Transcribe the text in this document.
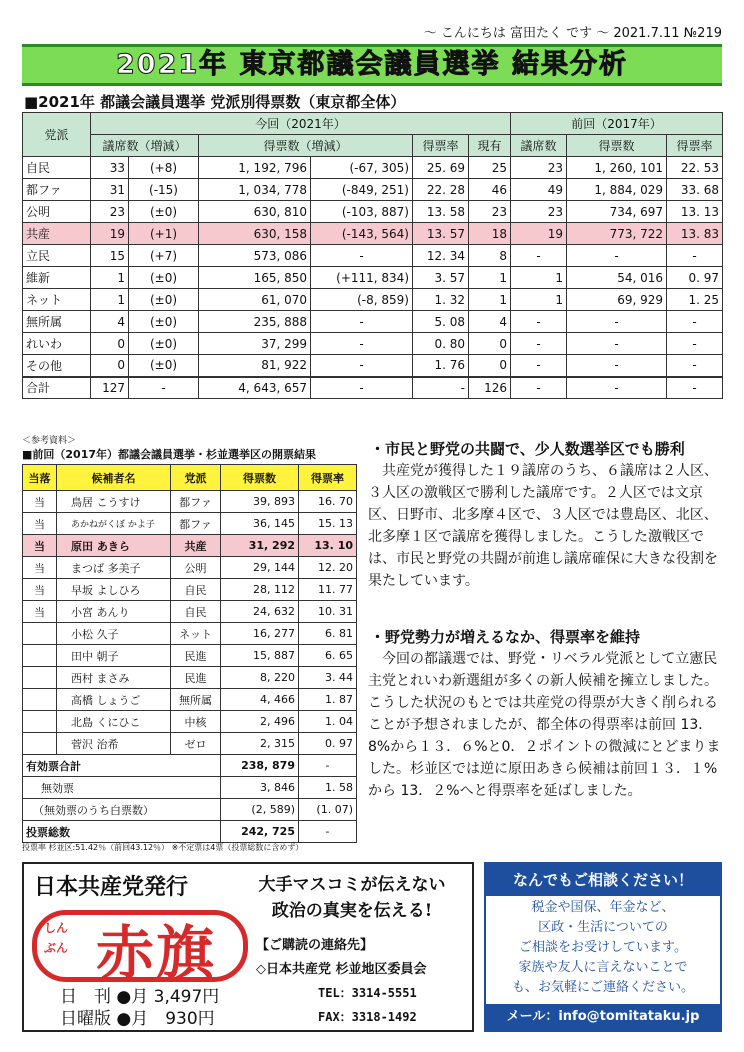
～ こんにちは 富田たく です ～ 2021.7.11 №219
2021年 東京都議会議員選挙 結果分析
■2021年 都議会議員選挙 党派別得票数（東京都全体）
党派	今回（2021年）						前回（2017年）		
	議席数（増減）		得票数（増減）		得票率	現有	議席数	得票数	得票率
自民	33	(+8)	1, 192, 796	(-67, 305)	25. 69	25	23	1, 260, 101	22. 53
都ファ	31	(-15)	1, 034, 778	(-849, 251)	22. 28	46	49	1, 884, 029	33. 68
公明	23	(±0)	630, 810	(-103, 887)	13. 58	23	23	734, 697	13. 13
共産	19	(+1)	630, 158	(-143, 564)	13. 57	18	19	773, 722	13. 83
立民	15	(+7)	573, 086	-	12. 34	8	-	-	-
維新	1	(±0)	165, 850	(+111, 834)	3. 57	1	1	54, 016	0. 97
ネット	1	(±0)	61, 070	(-8, 859)	1. 32	1	1	69, 929	1. 25
無所属	4	(±0)	235, 888	-	5. 08	4	-	-	-
れいわ	0	(±0)	37, 299	-	0. 80	0	-	-	-
その他	0	(±0)	81, 922	-	1. 76	0	-	-	-
合計	127	-	4, 643, 657	-	-	126	-	-	-
＜参考資料＞
■前回（2017年）都議会議員選挙・杉並選挙区の開票結果
当落	候補者名	党派	得票数	得票率
当	鳥居 こうすけ	都ファ	39, 893	16. 70
当	あかねがくぼ かよ子	都ファ	36, 145	15. 13
当	原田 あきら	共産	31, 292	13. 10
当	まつば 多美子	公明	29, 144	12. 20
当	早坂 よしひろ	自民	28, 112	11. 77
当	小宮 あんり	自民	24, 632	10. 31
	小松 久子	ネット	16, 277	6. 81
	田中 朝子	民進	15, 887	6. 65
	西村 まさみ	民進	8, 220	3. 44
	高橋 しょうご	無所属	4, 466	1. 87
	北島 くにひこ	中核	2, 496	1. 04
	菅沢 治希	ゼロ	2, 315	0. 97
有効票合計			238, 879	-
無効票			3, 846	1. 58
（無効票のうち白票数）			(2, 589)	(1. 07)
投票総数			242, 725	-
投票率 杉並区:51.42％（前回43.12％） ※不定票は4票（投票総数に含めず）
・市民と野党の共闘で、少人数選挙区でも勝利
共産党が獲得した１９議席のうち、６議席は２人区、３人区の激戦区で勝利した議席です。２人区では文京区、日野市、北多摩４区で、３人区では豊島区、北区、北多摩１区で議席を獲得しました。こうした激戦区では、市民と野党の共闘が前進し議席確保に大きな役割を果たしています。
・野党勢力が増えるなか、得票率を維持
今回の都議選では、野党・リベラル党派として立憲民主党とれいわ新選組が多くの新人候補を擁立しました。こうした状況のもとでは共産党の得票が大きく削られることが予想されましたが、都全体の得票率は前回 13．8%から１３．６%と0．２ポイントの微減にとどまりました。杉並区では逆に原田あきら候補は前回１３．１%から 13．２%へと得票率を延ばしました。
日本共産党発行	大手マスコミが伝えない
政治の真実を伝える!
しん
ぶん 赤旗	【ご購読の連絡先】
◇日本共産党 杉並地区委員会
TEL：3314-5551
FAX：3318-1492
日　刊 ●月 3,497円
日曜版 ●月　930円
なんでもご相談ください！
税金や国保、年金など、
区政・生活についての
ご相談をお受けしています。
家族や友人に言えないことで
も、お気軽にご連絡ください。
メール：info@tomitataku.jp
